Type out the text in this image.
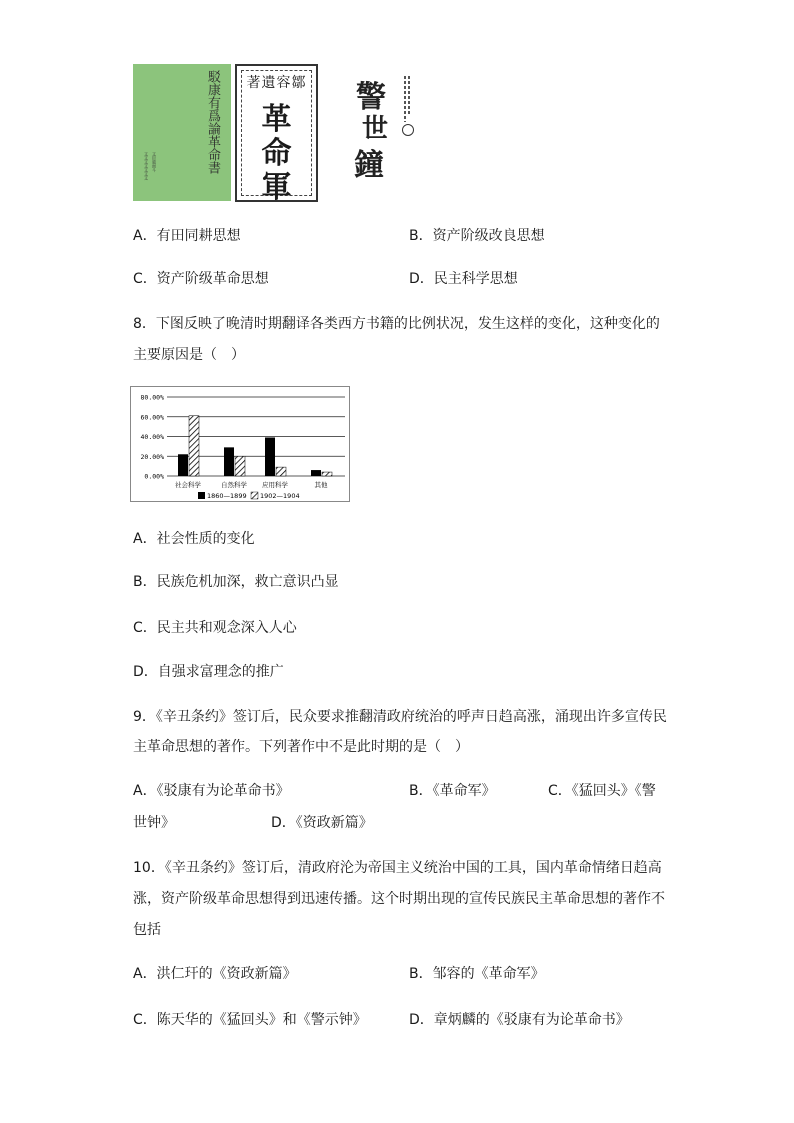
駁康有爲論革命書
⽂⾂⾵⾯⽃
⽂⽂⽂⽂⽂⽂⽂
著遺容鄒
革
命
軍
警
世
鐘
A．有田同耕思想	B．资产阶级改良思想
C．资产阶级革命思想	D．民主科学思想
8．下图反映了晚清时期翻译各类西方书籍的比例状况，发生这样的变化，这种变化的
主要原因是（　）
80.00%
60.00%
40.00%
20.00%
0.00%
社会科学	自然科学 应用科学	其他
1860—1899 1902—1904
A．社会性质的变化
B．民族危机加深，救亡意识凸显
C．民主共和观念深入人心
D．自强求富理念的推广
9．《辛丑条约》签订后，民众要求推翻清政府统治的呼声日趋高涨，涌现出许多宣传民
主革命思想的著作。下列著作中不是此时期的是（　）
A．《驳康有为论革命书》	B．《革命军》	C．《猛回头》《警
世钟》	D．《资政新篇》
10．《辛丑条约》签订后，清政府沦为帝国主义统治中国的工具，国内革命情绪日趋高
涨，资产阶级革命思想得到迅速传播。这个时期出现的宣传民族民主革命思想的著作不
包括
A．洪仁玕的《资政新篇》	B．邹容的《革命军》
C．陈天华的《猛回头》和《警示钟》	D．章炳麟的《驳康有为论革命书》
